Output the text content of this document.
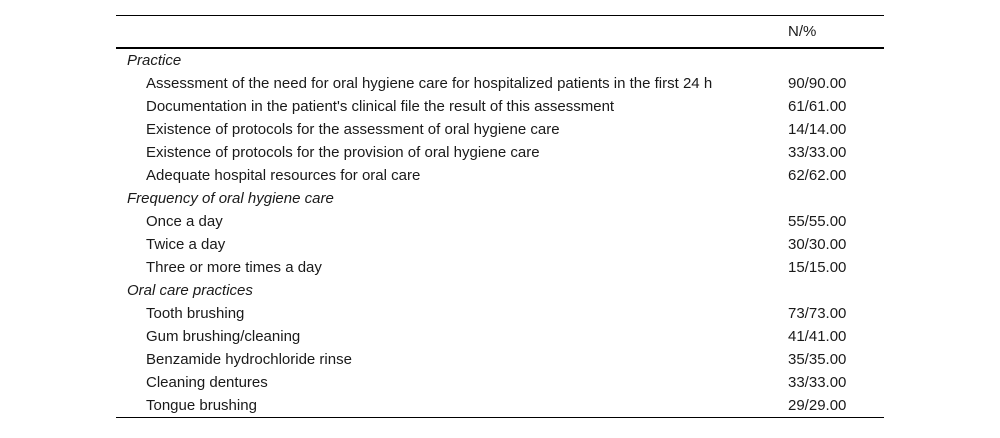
	N/%
Practice	
Assessment of the need for oral hygiene care for hospitalized patients in the first 24 h	90/90.00
Documentation in the patient's clinical file the result of this assessment	61/61.00
Existence of protocols for the assessment of oral hygiene care	14/14.00
Existence of protocols for the provision of oral hygiene care	33/33.00
Adequate hospital resources for oral care	62/62.00
Frequency of oral hygiene care	
Once a day	55/55.00
Twice a day	30/30.00
Three or more times a day	15/15.00
Oral care practices	
Tooth brushing	73/73.00
Gum brushing/cleaning	41/41.00
Benzamide hydrochloride rinse	35/35.00
Cleaning dentures	33/33.00
Tongue brushing	29/29.00
